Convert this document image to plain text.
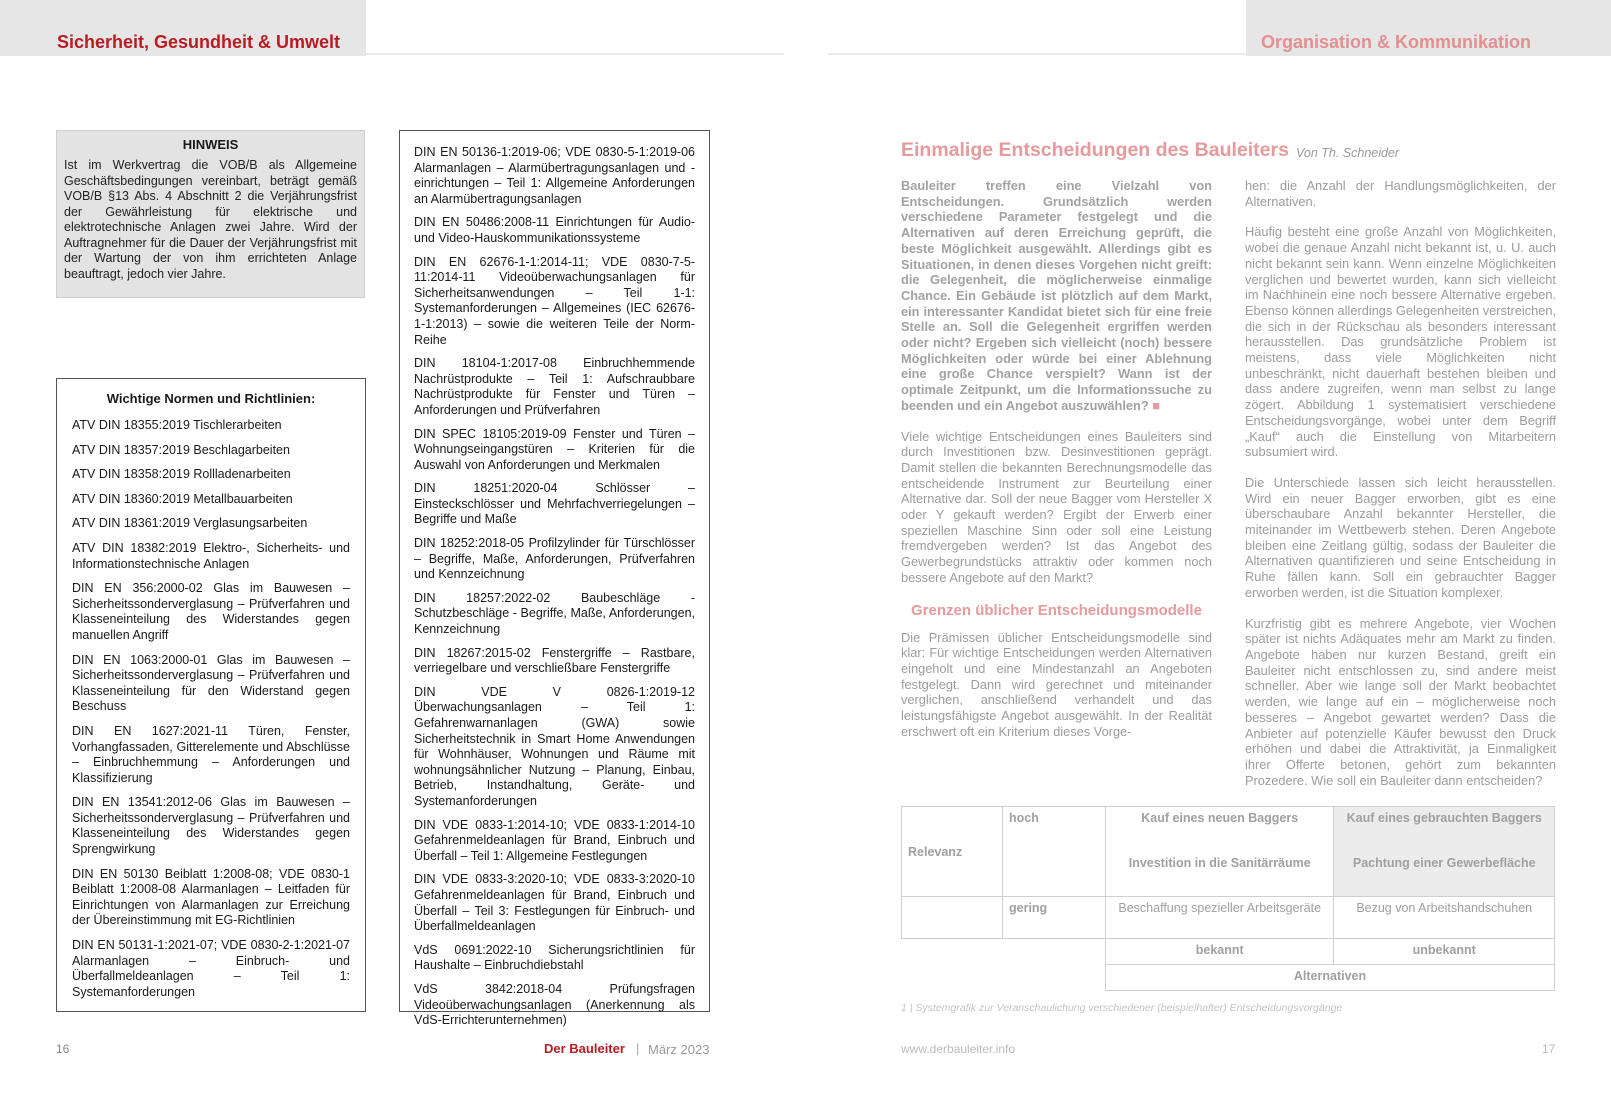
Sicherheit, Gesundheit & Umwelt	Organisation & Kommunikation
HINWEIS

Ist im Werkvertrag die VOB/B als Allgemeine Geschäftsbedingungen vereinbart, beträgt gemäß VOB/B §13 Abs. 4 Abschnitt 2 die Verjährungsfrist der Gewährleistung für elektrische und elektrotechnische Anlagen zwei Jahre. Wird der Auftragnehmer für die Dauer der Verjährungsfrist mit der Wartung der von ihm errichteten Anlage beauftragt, jedoch vier Jahre.

Wichtige Normen und Richtlinien:
ATV DIN 18355:2019 Tischlerarbeiten
ATV DIN 18357:2019 Beschlagarbeiten
ATV DIN 18358:2019 Rollladenarbeiten
ATV DIN 18360:2019 Metallbauarbeiten
ATV DIN 18361:2019 Verglasungsarbeiten
ATV DIN 18382:2019 Elektro-, Sicherheits- und Informationstechnische Anlagen
DIN EN 356:2000-02 Glas im Bauwesen – Sicherheitssonderverglasung – Prüfverfahren und Klasseneinteilung des Widerstandes gegen manuellen Angriff
DIN EN 1063:2000-01 Glas im Bauwesen – Sicherheitssonderverglasung – Prüfverfahren und Klasseneinteilung für den Widerstand gegen Beschuss
DIN EN 1627:2021-11 Türen, Fenster, Vorhangfassaden, Gitterelemente und Abschlüsse – Einbruchhemmung – Anforderungen und Klassifizierung
DIN EN 13541:2012-06 Glas im Bauwesen – Sicherheitssonderverglasung – Prüfverfahren und Klasseneinteilung des Widerstandes gegen Sprengwirkung
DIN EN 50130 Beiblatt 1:2008-08; VDE 0830-1 Beiblatt 1:2008-08 Alarmanlagen – Leitfaden für Einrichtungen von Alarmanlagen zur Erreichung der Übereinstimmung mit EG-Richtlinien
DIN EN 50131-1:2021-07; VDE 0830-2-1:2021-07 Alarmanlagen – Einbruch- und Überfallmeldeanlagen – Teil 1: Systemanforderungen
DIN EN 50136-1:2019-06; VDE 0830-5-1:2019-06 Alarmanlagen – Alarmübertragungsanlagen und -einrichtungen – Teil 1: Allgemeine Anforderungen an Alarmübertragungsanlagen
DIN EN 50486:2008-11 Einrichtungen für Audio- und Video-Hauskommunikationssysteme
DIN EN 62676-1-1:2014-11; VDE 0830-7-5-11:2014-11 Videoüberwachungsanlagen für Sicherheitsanwendungen – Teil 1-1: Systemanforderungen – Allgemeines (IEC 62676-1-1:2013) – sowie die weiteren Teile der Norm-Reihe
DIN 18104-1:2017-08 Einbruchhemmende Nachrüstprodukte – Teil 1: Aufschraubbare Nachrüstprodukte für Fenster und Türen – Anforderungen und Prüfverfahren
DIN SPEC 18105:2019-09 Fenster und Türen – Wohnungseingangstüren – Kriterien für die Auswahl von Anforderungen und Merkmalen
DIN 18251:2020-04 Schlösser – Einsteckschlösser und Mehrfachverriegelungen – Begriffe und Maße
DIN 18252:2018-05 Profilzylinder für Türschlösser – Begriffe, Maße, Anforderungen, Prüfverfahren und Kennzeichnung
DIN 18257:2022-02 Baubeschläge - Schutzbeschläge - Begriffe, Maße, Anforderungen, Kennzeichnung
DIN 18267:2015-02 Fenstergriffe – Rastbare, verriegelbare und verschließbare Fenstergriffe
DIN VDE V 0826-1:2019-12 Überwachungsanlagen – Teil 1: Gefahrenwarnanlagen (GWA) sowie Sicherheitstechnik in Smart Home Anwendungen für Wohnhäuser, Wohnungen und Räume mit wohnungsähnlicher Nutzung – Planung, Einbau, Betrieb, Instandhaltung, Geräte- und Systemanforderungen
DIN VDE 0833-1:2014-10; VDE 0833-1:2014-10 Gefahrenmeldeanlagen für Brand, Einbruch und Überfall – Teil 1: Allgemeine Festlegungen
DIN VDE 0833-3:2020-10; VDE 0833-3:2020-10 Gefahrenmeldeanlagen für Brand, Einbruch und Überfall – Teil 3: Festlegungen für Einbruch- und Überfallmeldeanlagen
VdS 0691:2022-10 Sicherungsrichtlinien für Haushalte – Einbruchdiebstahl
VdS 3842:2018-04 Prüfungsfragen Videoüberwachungsanlagen (Anerkennung als VdS-Errichterunternehmen)
16	Der Bauleiter | März 2023	www.derbauleiter.info	17
Einmalige Entscheidungen des Bauleiters Von Th. Schneider

Bauleiter treffen eine Vielzahl von Entscheidungen. Grundsätzlich werden verschiedene Parameter festgelegt und die Alternativen auf deren Erreichung geprüft, die beste Möglichkeit ausgewählt. Allerdings gibt es Situationen, in denen dieses Vorgehen nicht greift: die Gelegenheit, die möglicherweise einmalige Chance. Ein Gebäude ist plötzlich auf dem Markt, ein interessanter Kandidat bietet sich für eine freie Stelle an. Soll die Gelegenheit ergriffen werden oder nicht? Ergeben sich vielleicht (noch) bessere Möglichkeiten oder würde bei einer Ablehnung eine große Chance verspielt? Wann ist der optimale Zeitpunkt, um die Informationssuche zu beenden und ein Angebot auszuwählen? ■

Viele wichtige Entscheidungen eines Bauleiters sind durch Investitionen bzw. Desinvestitionen geprägt. Damit stellen die bekannten Berechnungsmodelle das entscheidende Instrument zur Beurteilung einer Alternative dar. Soll der neue Bagger vom Hersteller X oder Y gekauft werden? Ergibt der Erwerb einer speziellen Maschine Sinn oder soll eine Leistung fremdvergeben werden? Ist das Angebot des Gewerbegrundstücks attraktiv oder kommen noch bessere Angebote auf den Markt?

Grenzen üblicher Entscheidungsmodelle

Die Prämissen üblicher Entscheidungsmodelle sind klar: Für wichtige Entscheidungen werden Alternativen eingeholt und eine Mindestanzahl an Angeboten festgelegt. Dann wird gerechnet und miteinander verglichen, anschließend verhandelt und das leistungsfähigste Angebot ausgewählt. In der Realität erschwert oft ein Kriterium dieses Vorge-

hen: die Anzahl der Handlungsmöglichkeiten, der Alternativen.

Häufig besteht eine große Anzahl von Möglichkeiten, wobei die genaue Anzahl nicht bekannt ist, u. U. auch nicht bekannt sein kann. Wenn einzelne Möglichkeiten verglichen und bewertet wurden, kann sich vielleicht im Nachhinein eine noch bessere Alternative ergeben. Ebenso können allerdings Gelegenheiten verstreichen, die sich in der Rückschau als besonders interessant herausstellen. Das grundsätzliche Problem ist meistens, dass viele Möglichkeiten nicht unbeschränkt, nicht dauerhaft bestehen bleiben und dass andere zugreifen, wenn man selbst zu lange zögert. Abbildung 1 systematisiert verschiedene Entscheidungsvorgänge, wobei unter dem Begriff „Kauf“ auch die Einstellung von Mitarbeitern subsumiert wird.

Die Unterschiede lassen sich leicht herausstellen. Wird ein neuer Bagger erworben, gibt es eine überschaubare Anzahl bekannter Hersteller, die miteinander im Wettbewerb stehen. Deren Angebote bleiben eine Zeitlang gültig, sodass der Bauleiter die Alternativen quantifizieren und seine Entscheidung in Ruhe fällen kann. Soll ein gebrauchter Bagger erworben werden, ist die Situation komplexer.

Kurzfristig gibt es mehrere Angebote, vier Wochen später ist nichts Adäquates mehr am Markt zu finden. Angebote haben nur kurzen Bestand, greift ein Bauleiter nicht entschlossen zu, sind andere meist schneller. Aber wie lange soll der Markt beobachtet werden, wie lange auf ein – möglicherweise noch besseres – Angebot gewartet werden? Dass die Anbieter auf potenzielle Käufer bewusst den Druck erhöhen und dabei die Attraktivität, ja Einmaligkeit ihrer Offerte betonen, gehört zum bekannten Prozedere. Wie soll ein Bauleiter dann entscheiden?

Relevanz	hoch	Kauf eines neuen Baggers	Kauf eines gebrauchten Baggers
		Investition in die Sanitärräume	Pachtung einer Gewerbefläche
	gering	Beschaffung spezieller Arbeitsgeräte	Bezug von Arbeitshandschuhen
		bekannt	unbekannt
		Alternativen	
1 | Systemgrafik zur Veranschaulichung verschiedener (beispielhafter) Entscheidungsvorgänge
